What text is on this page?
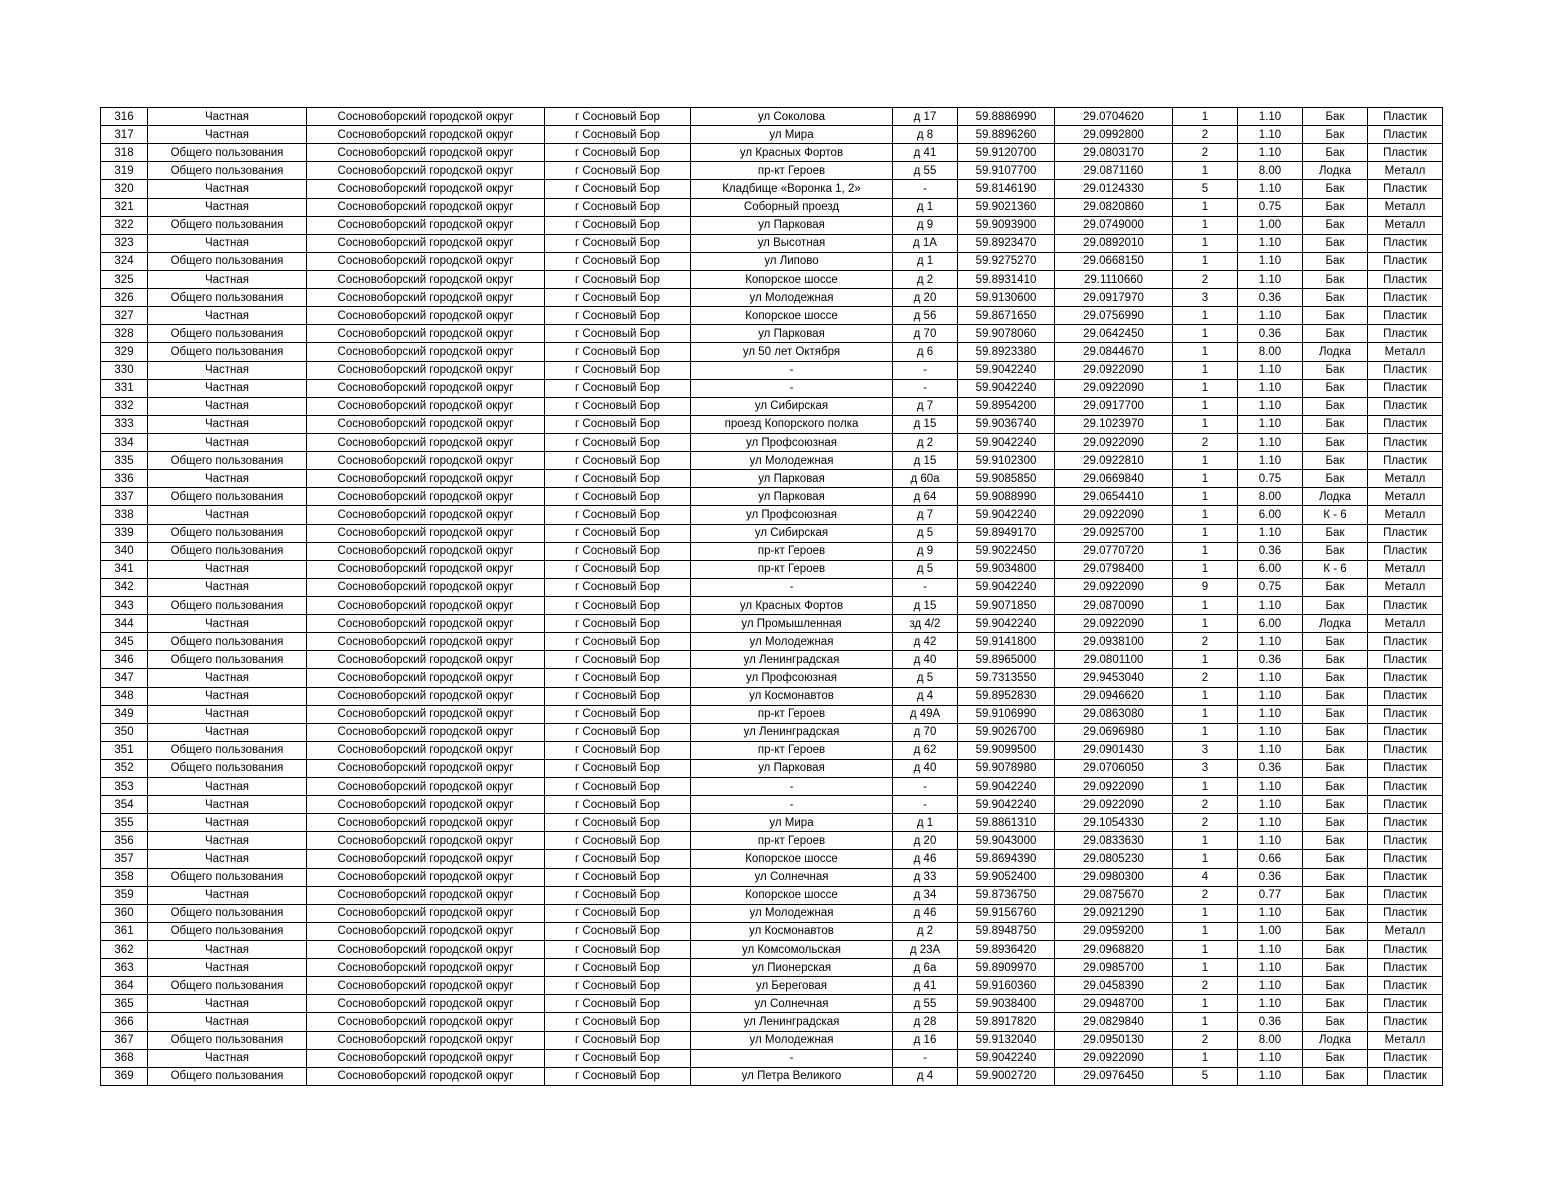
316	Частная	Сосновоборский городской округ	г Сосновый Бор	ул Соколова	д 17	59.8886990	29.0704620	1	1.10	Бак	Пластик
317	Частная	Сосновоборский городской округ	г Сосновый Бор	ул Мира	д 8	59.8896260	29.0992800	2	1.10	Бак	Пластик
318	Общего пользования	Сосновоборский городской округ	г Сосновый Бор	ул Красных Фортов	д 41	59.9120700	29.0803170	2	1.10	Бак	Пластик
319	Общего пользования	Сосновоборский городской округ	г Сосновый Бор	пр-кт Героев	д 55	59.9107700	29.0871160	1	8.00	Лодка	Металл
320	Частная	Сосновоборский городской округ	г Сосновый Бор	Кладбище «Воронка 1, 2»	-	59.8146190	29.0124330	5	1.10	Бак	Пластик
321	Частная	Сосновоборский городской округ	г Сосновый Бор	Соборный проезд	д 1	59.9021360	29.0820860	1	0.75	Бак	Металл
322	Общего пользования	Сосновоборский городской округ	г Сосновый Бор	ул Парковая	д 9	59.9093900	29.0749000	1	1.00	Бак	Металл
323	Частная	Сосновоборский городской округ	г Сосновый Бор	ул Высотная	д 1А	59.8923470	29.0892010	1	1.10	Бак	Пластик
324	Общего пользования	Сосновоборский городской округ	г Сосновый Бор	ул Липово	д 1	59.9275270	29.0668150	1	1.10	Бак	Пластик
325	Частная	Сосновоборский городской округ	г Сосновый Бор	Копорское шоссе	д 2	59.8931410	29.1110660	2	1.10	Бак	Пластик
326	Общего пользования	Сосновоборский городской округ	г Сосновый Бор	ул Молодежная	д 20	59.9130600	29.0917970	3	0.36	Бак	Пластик
327	Частная	Сосновоборский городской округ	г Сосновый Бор	Копорское шоссе	д 56	59.8671650	29.0756990	1	1.10	Бак	Пластик
328	Общего пользования	Сосновоборский городской округ	г Сосновый Бор	ул Парковая	д 70	59.9078060	29.0642450	1	0.36	Бак	Пластик
329	Общего пользования	Сосновоборский городской округ	г Сосновый Бор	ул 50 лет Октября	д 6	59.8923380	29.0844670	1	8.00	Лодка	Металл
330	Частная	Сосновоборский городской округ	г Сосновый Бор	-	-	59.9042240	29.0922090	1	1.10	Бак	Пластик
331	Частная	Сосновоборский городской округ	г Сосновый Бор	-	-	59.9042240	29.0922090	1	1.10	Бак	Пластик
332	Частная	Сосновоборский городской округ	г Сосновый Бор	ул Сибирская	д 7	59.8954200	29.0917700	1	1.10	Бак	Пластик
333	Частная	Сосновоборский городской округ	г Сосновый Бор	проезд Копорского полка	д 15	59.9036740	29.1023970	1	1.10	Бак	Пластик
334	Частная	Сосновоборский городской округ	г Сосновый Бор	ул Профсоюзная	д 2	59.9042240	29.0922090	2	1.10	Бак	Пластик
335	Общего пользования	Сосновоборский городской округ	г Сосновый Бор	ул Молодежная	д 15	59.9102300	29.0922810	1	1.10	Бак	Пластик
336	Частная	Сосновоборский городской округ	г Сосновый Бор	ул Парковая	д 60а	59.9085850	29.0669840	1	0.75	Бак	Металл
337	Общего пользования	Сосновоборский городской округ	г Сосновый Бор	ул Парковая	д 64	59.9088990	29.0654410	1	8.00	Лодка	Металл
338	Частная	Сосновоборский городской округ	г Сосновый Бор	ул Профсоюзная	д 7	59.9042240	29.0922090	1	6.00	К - 6	Металл
339	Общего пользования	Сосновоборский городской округ	г Сосновый Бор	ул Сибирская	д 5	59.8949170	29.0925700	1	1.10	Бак	Пластик
340	Общего пользования	Сосновоборский городской округ	г Сосновый Бор	пр-кт Героев	д 9	59.9022450	29.0770720	1	0.36	Бак	Пластик
341	Частная	Сосновоборский городской округ	г Сосновый Бор	пр-кт Героев	д 5	59.9034800	29.0798400	1	6.00	К - 6	Металл
342	Частная	Сосновоборский городской округ	г Сосновый Бор	-	-	59.9042240	29.0922090	9	0.75	Бак	Металл
343	Общего пользования	Сосновоборский городской округ	г Сосновый Бор	ул Красных Фортов	д 15	59.9071850	29.0870090	1	1.10	Бак	Пластик
344	Частная	Сосновоборский городской округ	г Сосновый Бор	ул Промышленная	зд 4/2	59.9042240	29.0922090	1	6.00	Лодка	Металл
345	Общего пользования	Сосновоборский городской округ	г Сосновый Бор	ул Молодежная	д 42	59.9141800	29.0938100	2	1.10	Бак	Пластик
346	Общего пользования	Сосновоборский городской округ	г Сосновый Бор	ул Ленинградская	д 40	59.8965000	29.0801100	1	0.36	Бак	Пластик
347	Частная	Сосновоборский городской округ	г Сосновый Бор	ул Профсоюзная	д 5	59.7313550	29.9453040	2	1.10	Бак	Пластик
348	Частная	Сосновоборский городской округ	г Сосновый Бор	ул Космонавтов	д 4	59.8952830	29.0946620	1	1.10	Бак	Пластик
349	Частная	Сосновоборский городской округ	г Сосновый Бор	пр-кт Героев	д 49А	59.9106990	29.0863080	1	1.10	Бак	Пластик
350	Частная	Сосновоборский городской округ	г Сосновый Бор	ул Ленинградская	д 70	59.9026700	29.0696980	1	1.10	Бак	Пластик
351	Общего пользования	Сосновоборский городской округ	г Сосновый Бор	пр-кт Героев	д 62	59.9099500	29.0901430	3	1.10	Бак	Пластик
352	Общего пользования	Сосновоборский городской округ	г Сосновый Бор	ул Парковая	д 40	59.9078980	29.0706050	3	0.36	Бак	Пластик
353	Частная	Сосновоборский городской округ	г Сосновый Бор	-	-	59.9042240	29.0922090	1	1.10	Бак	Пластик
354	Частная	Сосновоборский городской округ	г Сосновый Бор	-	-	59.9042240	29.0922090	2	1.10	Бак	Пластик
355	Частная	Сосновоборский городской округ	г Сосновый Бор	ул Мира	д 1	59.8861310	29.1054330	2	1.10	Бак	Пластик
356	Частная	Сосновоборский городской округ	г Сосновый Бор	пр-кт Героев	д 20	59.9043000	29.0833630	1	1.10	Бак	Пластик
357	Частная	Сосновоборский городской округ	г Сосновый Бор	Копорское шоссе	д 46	59.8694390	29.0805230	1	0.66	Бак	Пластик
358	Общего пользования	Сосновоборский городской округ	г Сосновый Бор	ул Солнечная	д 33	59.9052400	29.0980300	4	0.36	Бак	Пластик
359	Частная	Сосновоборский городской округ	г Сосновый Бор	Копорское шоссе	д 34	59.8736750	29.0875670	2	0.77	Бак	Пластик
360	Общего пользования	Сосновоборский городской округ	г Сосновый Бор	ул Молодежная	д 46	59.9156760	29.0921290	1	1.10	Бак	Пластик
361	Общего пользования	Сосновоборский городской округ	г Сосновый Бор	ул Космонавтов	д 2	59.8948750	29.0959200	1	1.00	Бак	Металл
362	Частная	Сосновоборский городской округ	г Сосновый Бор	ул Комсомольская	д 23А	59.8936420	29.0968820	1	1.10	Бак	Пластик
363	Частная	Сосновоборский городской округ	г Сосновый Бор	ул Пионерская	д 6а	59.8909970	29.0985700	1	1.10	Бак	Пластик
364	Общего пользования	Сосновоборский городской округ	г Сосновый Бор	ул Береговая	д 41	59.9160360	29.0458390	2	1.10	Бак	Пластик
365	Частная	Сосновоборский городской округ	г Сосновый Бор	ул Солнечная	д 55	59.9038400	29.0948700	1	1.10	Бак	Пластик
366	Частная	Сосновоборский городской округ	г Сосновый Бор	ул Ленинградская	д 28	59.8917820	29.0829840	1	0.36	Бак	Пластик
367	Общего пользования	Сосновоборский городской округ	г Сосновый Бор	ул Молодежная	д 16	59.9132040	29.0950130	2	8.00	Лодка	Металл
368	Частная	Сосновоборский городской округ	г Сосновый Бор	-	-	59.9042240	29.0922090	1	1.10	Бак	Пластик
369	Общего пользования	Сосновоборский городской округ	г Сосновый Бор	ул Петра Великого	д 4	59.9002720	29.0976450	5	1.10	Бак	Пластик
